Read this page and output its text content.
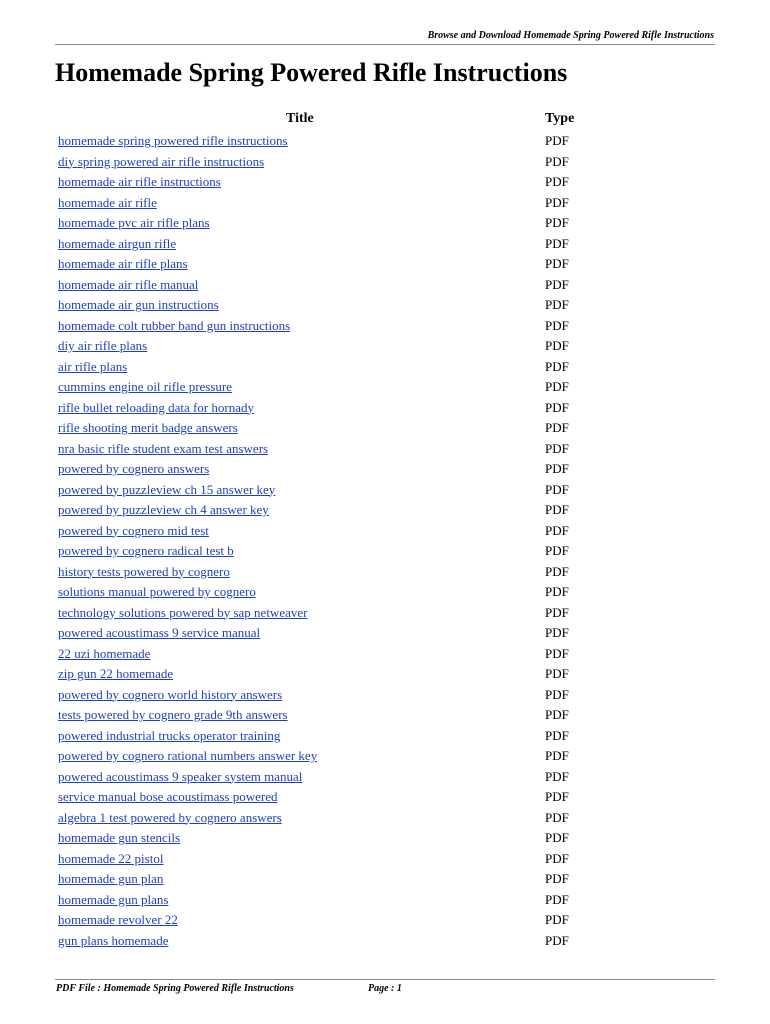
Browse and Download Homemade Spring Powered Rifle Instructions
Homemade Spring Powered Rifle Instructions
Title	Type
homemade spring powered rifle instructions	PDF
diy spring powered air rifle instructions	PDF
homemade air rifle instructions	PDF
homemade air rifle	PDF
homemade pvc air rifle plans	PDF
homemade airgun rifle	PDF
homemade air rifle plans	PDF
homemade air rifle manual	PDF
homemade air gun instructions	PDF
homemade colt rubber band gun instructions	PDF
diy air rifle plans	PDF
air rifle plans	PDF
cummins engine oil rifle pressure	PDF
rifle bullet reloading data for hornady	PDF
rifle shooting merit badge answers	PDF
nra basic rifle student exam test answers	PDF
powered by cognero answers	PDF
powered by puzzleview ch 15 answer key	PDF
powered by puzzleview ch 4 answer key	PDF
powered by cognero mid test	PDF
powered by cognero radical test b	PDF
history tests powered by cognero	PDF
solutions manual powered by cognero	PDF
technology solutions powered by sap netweaver	PDF
powered acoustimass 9 service manual	PDF
22 uzi homemade	PDF
zip gun 22 homemade	PDF
powered by cognero world history answers	PDF
tests powered by cognero grade 9th answers	PDF
powered industrial trucks operator training	PDF
powered by cognero rational numbers answer key	PDF
powered acoustimass 9 speaker system manual	PDF
service manual bose acoustimass powered	PDF
algebra 1 test powered by cognero answers	PDF
homemade gun stencils	PDF
homemade 22 pistol	PDF
homemade gun plan	PDF
homemade gun plans	PDF
homemade revolver 22	PDF
gun plans homemade	PDF
PDF File : Homemade Spring Powered Rifle Instructions	Page : 1
